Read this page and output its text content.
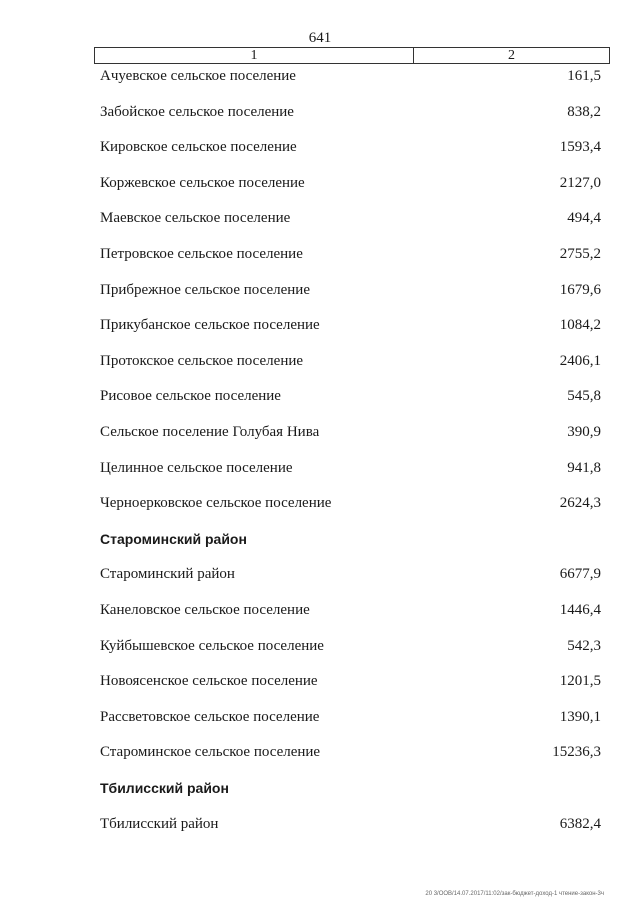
641
1	2
Ачуевское сельское поселение	161,5
Забойское сельское поселение	838,2
Кировское сельское поселение	1593,4
Коржевское сельское поселение	2127,0
Маевское сельское поселение	494,4
Петровское сельское поселение	2755,2
Прибрежное сельское поселение	1679,6
Прикубанское сельское поселение	1084,2
Протокское сельское поселение	2406,1
Рисовое сельское поселение	545,8
Сельское поселение Голубая Нива	390,9
Целинное сельское поселение	941,8
Черноерковское сельское поселение	2624,3
Староминский район
Староминский район	6677,9
Канеловское сельское поселение	1446,4
Куйбышевское сельское поселение	542,3
Новоясенское сельское поселение	1201,5
Рассветовское сельское поселение	1390,1
Староминское сельское поселение	15236,3
Тбилисский район
Тбилисский район	6382,4
20 3/ООВ/14.07.2017/11:02/зак-бюджет-доход-1 чтение-закон-3ч
